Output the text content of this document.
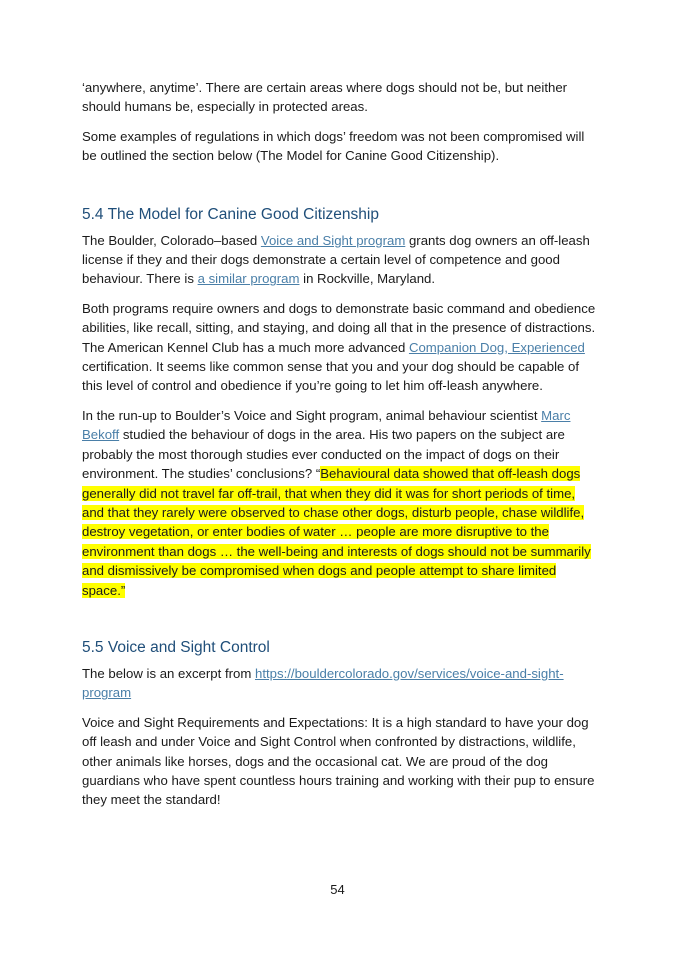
‘anywhere, anytime’. There are certain areas where dogs should not be, but neither should humans be, especially in protected areas.

Some examples of regulations in which dogs’ freedom was not been compromised will be outlined the section below (The Model for Canine Good Citizenship).

5.4 The Model for Canine Good Citizenship

The Boulder, Colorado–based Voice and Sight program grants dog owners an off-leash license if they and their dogs demonstrate a certain level of competence and good behaviour. There is a similar program in Rockville, Maryland.

Both programs require owners and dogs to demonstrate basic command and obedience abilities, like recall, sitting, and staying, and doing all that in the presence of distractions. The American Kennel Club has a much more advanced Companion Dog, Experienced certification. It seems like common sense that you and your dog should be capable of this level of control and obedience if you’re going to let him off-leash anywhere.

In the run-up to Boulder’s Voice and Sight program, animal behaviour scientist Marc Bekoff studied the behaviour of dogs in the area. His two papers on the subject are probably the most thorough studies ever conducted on the impact of dogs on their environment. The studies’ conclusions? “Behavioural data showed that off-leash dogs generally did not travel far off-trail, that when they did it was for short periods of time, and that they rarely were observed to chase other dogs, disturb people, chase wildlife, destroy vegetation, or enter bodies of water … people are more disruptive to the environment than dogs … the well-being and interests of dogs should not be summarily and dismissively be compromised when dogs and people attempt to share limited space.”

5.5 Voice and Sight Control

The below is an excerpt from https://bouldercolorado.gov/services/voice-and-sight-program

Voice and Sight Requirements and Expectations: It is a high standard to have your dog off leash and under Voice and Sight Control when confronted by distractions, wildlife, other animals like horses, dogs and the occasional cat. We are proud of the dog guardians who have spent countless hours training and working with their pup to ensure they meet the standard!

54
